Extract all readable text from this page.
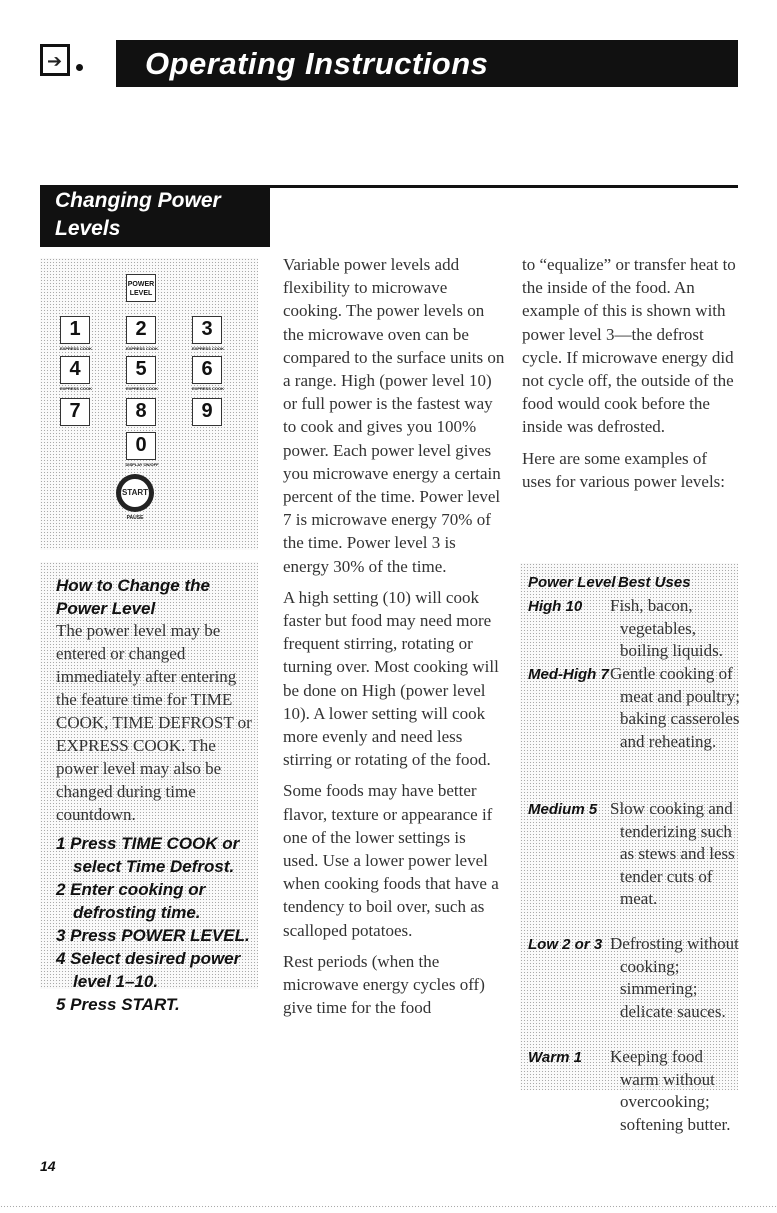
➔	Operating Instructions
Changing Power Levels
POWER LEVEL
1
EXPRESS COOK
2
EXPRESS COOK
3
EXPRESS COOK
4
EXPRESS COOK
5
EXPRESS COOK
6
EXPRESS COOK
7	8	9
0
DISPLAY ON/OFF
START
PAUSE
How to Change the Power Level
The power level may be entered or changed immediately after entering the feature time for TIME COOK, TIME DEFROST or EXPRESS COOK. The power level may also be changed during time countdown.
1 Press TIME COOK or select Time Defrost.
2 Enter cooking or defrosting time.
3 Press POWER LEVEL.
4 Select desired power level 1–10.
5 Press START.

Variable power levels add flexibility to microwave cooking. The power levels on the microwave oven can be compared to the surface units on a range. High (power level 10) or full power is the fastest way to cook and gives you 100% power. Each power level gives you microwave energy a certain percent of the time. Power level 7 is microwave energy 70% of the time. Power level 3 is energy 30% of the time.

A high setting (10) will cook faster but food may need more frequent stirring, rotating or turning over. Most cooking will be done on High (power level 10). A lower setting will cook more evenly and need less stirring or rotating of the food.

Some foods may have better flavor, texture or appearance if one of the lower settings is used. Use a lower power level when cooking foods that have a tendency to boil over, such as scalloped potatoes.

Rest periods (when the microwave energy cycles off) give time for the food

to “equalize” or transfer heat to the inside of the food. An example of this is shown with power level 3—the defrost cycle. If microwave energy did not cycle off, the outside of the food would cook before the inside was defrosted.

Here are some examples of uses for various power levels:

Power Level Best Uses
High 10 Fish, bacon, vegetables, boiling liquids.
Med-High 7 Gentle cooking of meat and poultry; baking casseroles and reheating.
Medium 5 Slow cooking and tenderizing such as stews and less tender cuts of meat.
Low 2 or 3 Defrosting without cooking; simmering; delicate sauces.
Warm 1 Keeping food warm without overcooking; softening butter.
14
